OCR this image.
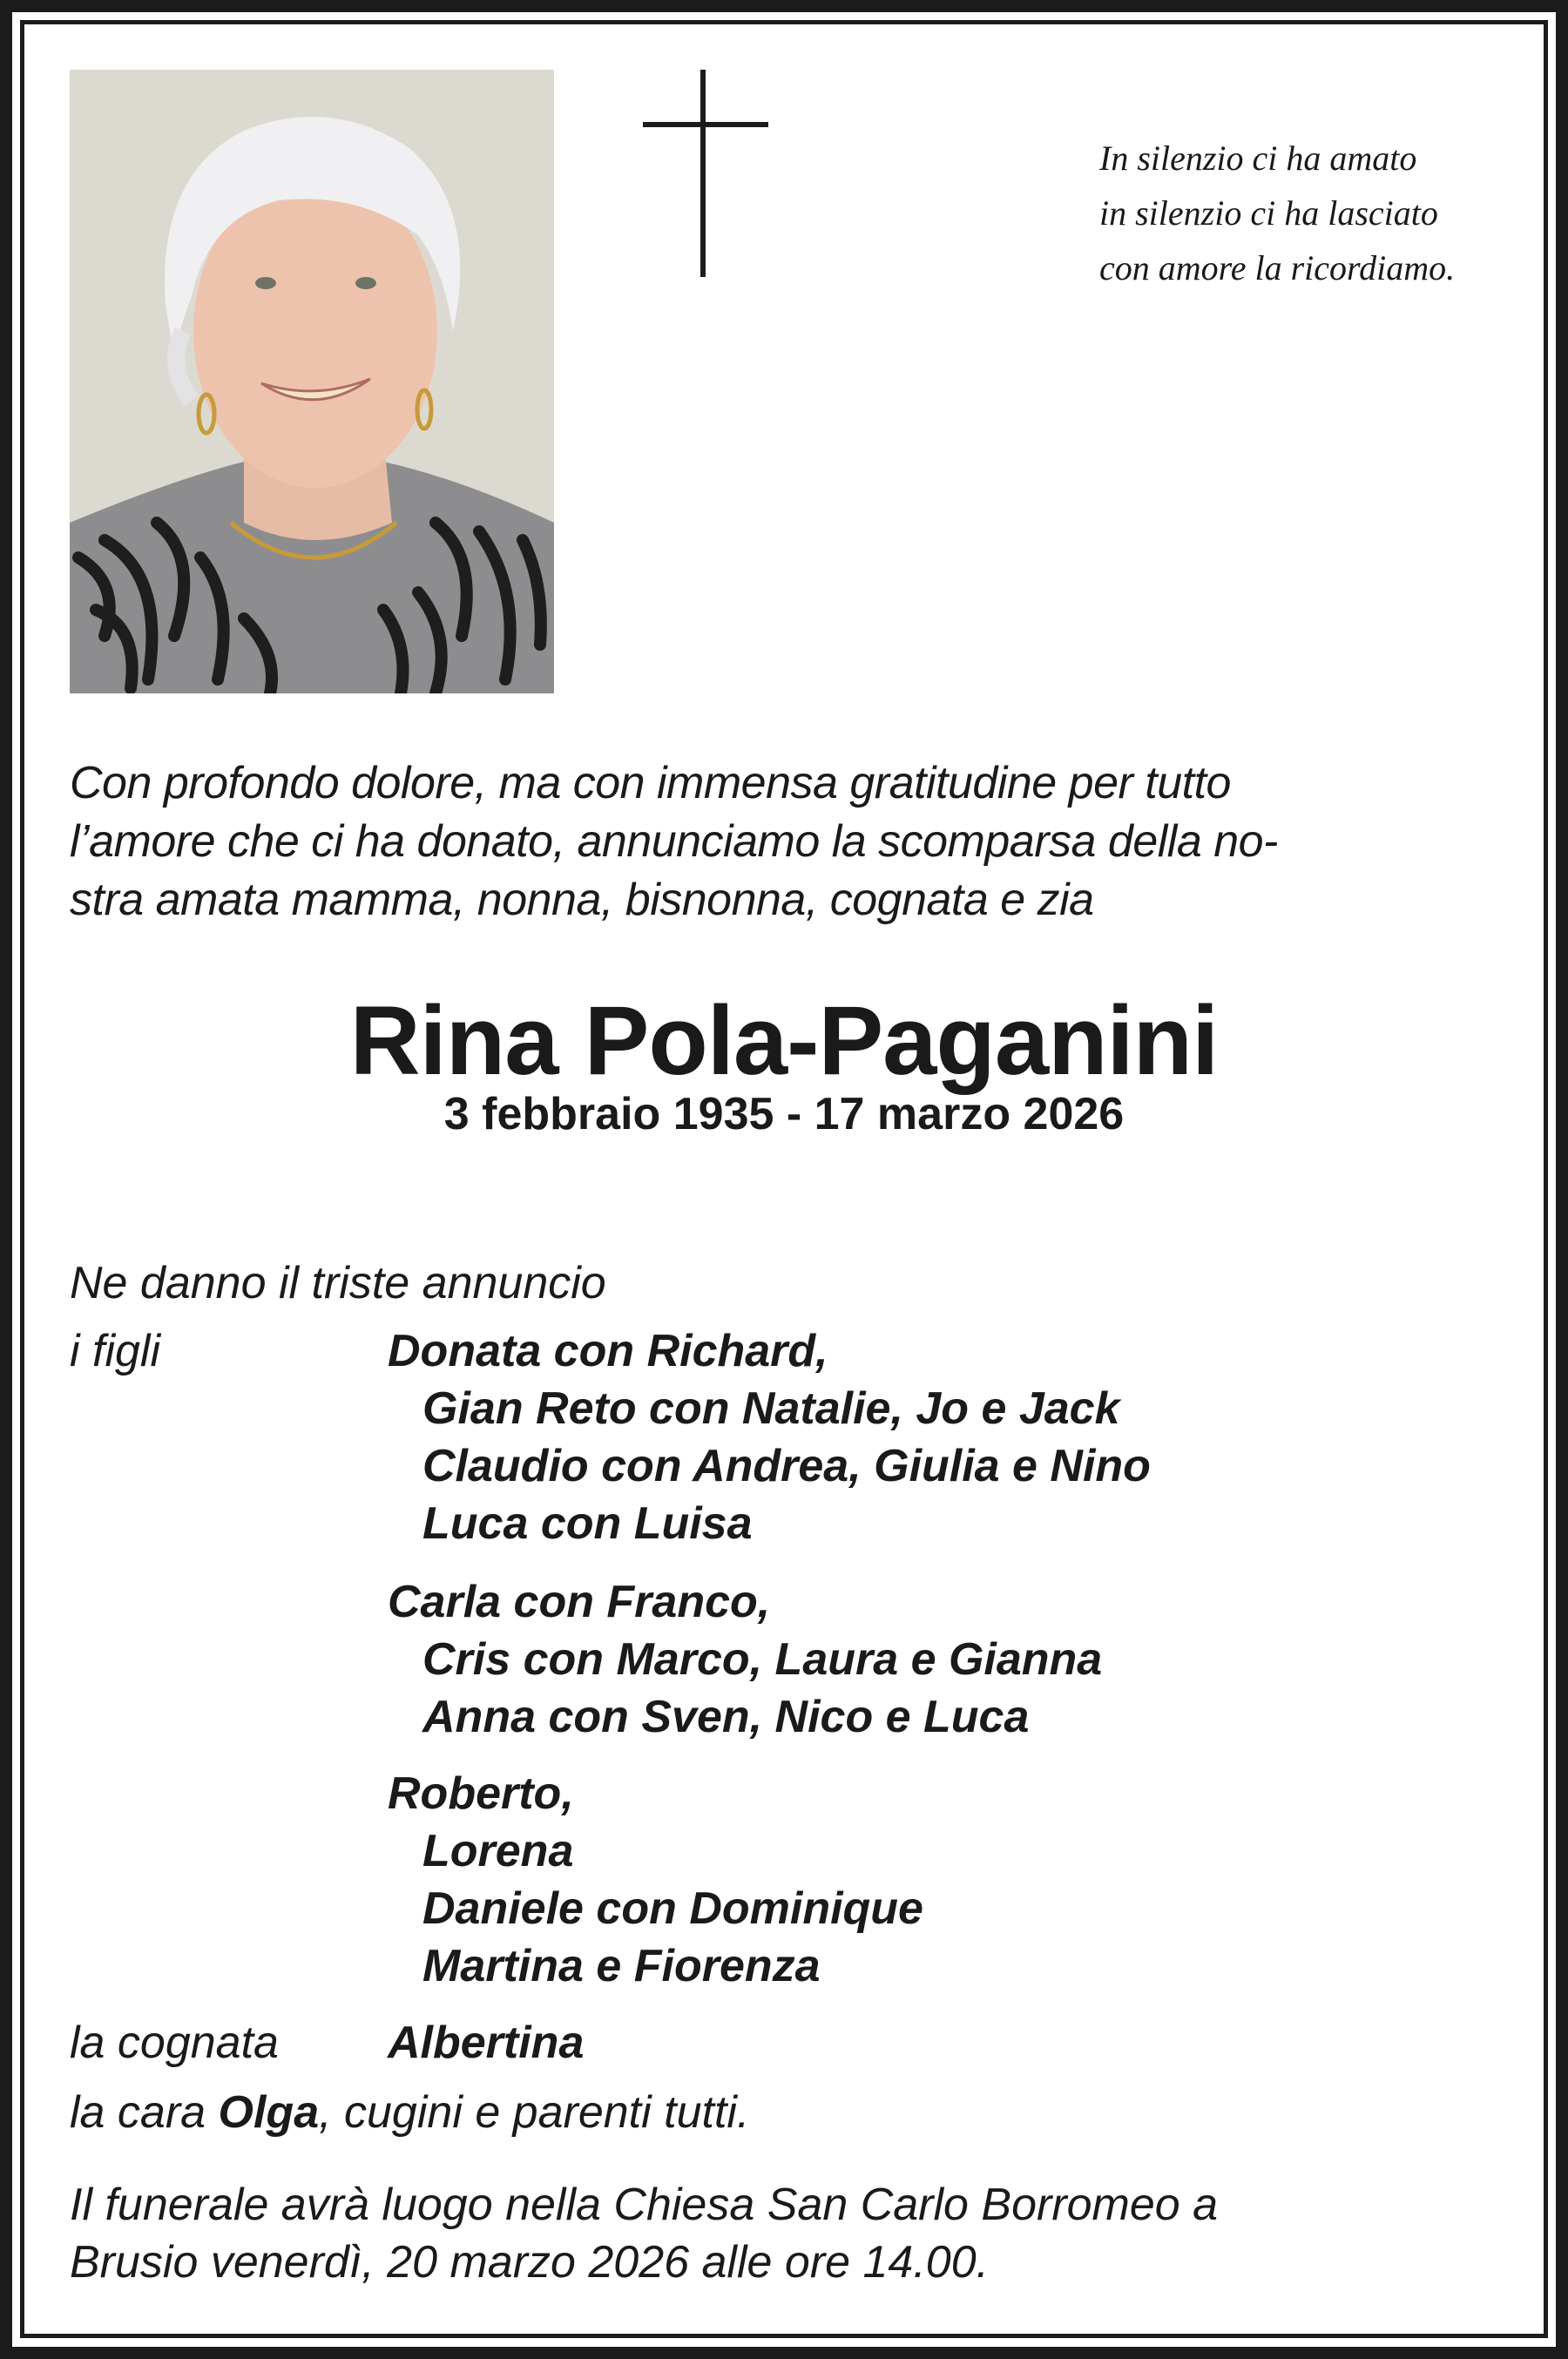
In silenzio ci ha amato
in silenzio ci ha lasciato
con amore la ricordiamo.
Con profondo dolore, ma con immensa gratitudine per tutto
l’amore che ci ha donato, annunciamo la scomparsa della no-
stra amata mamma, nonna, bisnonna, cognata e zia
Rina Pola-Paganini
3 febbraio 1935 - 17 marzo 2026
Ne danno il triste annuncio
i figli	Donata con Richard,
Gian Reto con Natalie, Jo e Jack
Claudio con Andrea, Giulia e Nino
Luca con Luisa
Carla con Franco,
Cris con Marco, Laura e Gianna
Anna con Sven, Nico e Luca
Roberto,
Lorena
Daniele con Dominique
Martina e Fiorenza
la cognata Albertina
la cara Olga, cugini e parenti tutti.
Il funerale avrà luogo nella Chiesa San Carlo Borromeo a
Brusio venerdì, 20 marzo 2026 alle ore 14.00.
